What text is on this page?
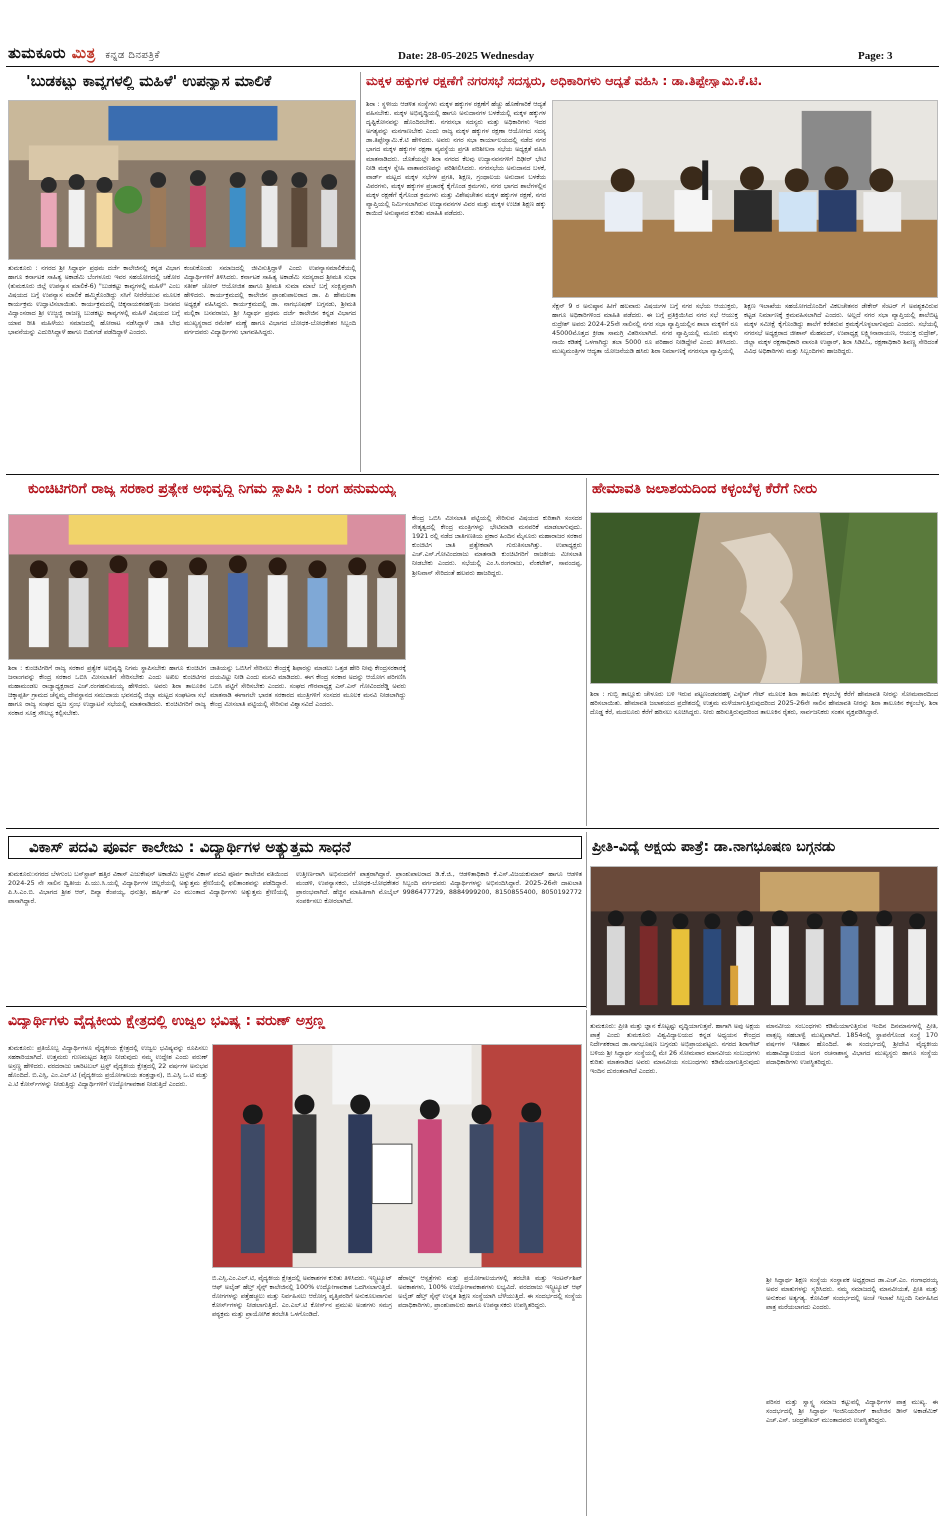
ತುಮಕೂರು ಮಿತ್ರ ಕನ್ನಡ ದಿನಪತ್ರಿಕೆ	Date: 28-05-2025 Wednesday	Page: 3
'ಬುಡಕಟ್ಟು ಕಾವ್ಯಗಳಲ್ಲಿ ಮಹಿಳೆ' ಉಪನ್ಯಾಸ ಮಾಲಿಕೆ
ತುಮಕೂರು : ನಗರದ ಶ್ರೀ ಸಿದ್ಧಾರ್ಥ ಪ್ರಥಮ ದರ್ಜೆ ಕಾಲೇಜಿನಲ್ಲಿ ಕನ್ನಡ ವಿಭಾಗ ಹಾಗೂ ಕರ್ನಾಟಕ ಸಾಹಿತ್ಯ ಅಕಾಡೆಮಿ ಬೆಂಗಳೂರು ಇವರ ಸಹಯೋಗದಲ್ಲಿ ಚಕೋರ (ತುಮಕೂರು ಜಿಲ್ಲೆ ಉಪನ್ಯಾಸ ಮಾಲಿಕೆ-6) "ಬುಡಕಟ್ಟು ಕಾವ್ಯಗಳಲ್ಲಿ ಮಹಿಳೆ" ಎಂಬ ವಿಷಯದ ಬಗ್ಗೆ ಉಪನ್ಯಾಸ ಮಾಲಿಕೆ ಹಮ್ಮಿಕೊಂಡಿದ್ದು ಸಸಿಗೆ ನೀರೆರೆಯುವ ಮೂಲಕ ಕಾರ್ಯಕ್ರಮ ಉದ್ಘಾಟಿಸಲಾಯಿತು. ಕಾರ್ಯಕ್ರಮದಲ್ಲಿ ಚಿಕ್ಕನಾಯಕನಹಳ್ಳಿಯ ಜನಪದ ವಿದ್ವಾಂಸರಾದ ಶ್ರೀ ಉಜ್ಜಜ್ಜಿ ರಾಜಣ್ಣ ಬುಡಕಟ್ಟು ಕಾವ್ಯಗಳಲ್ಲಿ ಮಹಿಳೆ ವಿಷಯದ ಬಗ್ಗೆ ಯಾವ ರೀತಿ ಮಹಿಳೆಯು ಸಮಾಜದಲ್ಲಿ ಹೋರಾಟ ನಡೆಸಿದ್ದಾಳೆ ಜಾತಿ ಬೇಧ ಭಾವನೆಯನ್ನು ಎದುರಿಸಿದ್ದಾಳೆ ಹಾಗೂ ಬಿಡುಗಡೆ ಪಡೆದಿದ್ದಾಳೆ ಎಂದರು.
ಕಂಚುಕೊಂಡು ಸಮಾಜದಲ್ಲಿ ಜೀವಿಸುತ್ತಿದ್ದಾಳೆ ಎಂದು ಉಪನ್ಯಾಸಮಾಲಿಕೆಯಲ್ಲಿ ವಿದ್ಯಾರ್ಥಿಗಳಿಗೆ ತಿಳಿಸಿದರು. ಕರ್ನಾಟಕ ಸಾಹಿತ್ಯ ಅಕಾಡೆಮಿ ಸದಸ್ಯರಾದ ಶ್ರೀಮತಿ ಸುಧಾ ಸತೀಶ್ ಚೋರ್ ಆಯೋಜಿತ ಹಾಗೂ ಶ್ರೀಮತಿ ಸುಮಾ ಮಾಲೆ ಬಗ್ಗೆ ಸಂಕ್ಷಿಪ್ತವಾಗಿ ಹೇಳಿದರು. ಕಾರ್ಯಕ್ರಮದಲ್ಲಿ ಕಾಲೇಜಿನ ಪ್ರಾಂಶುಪಾಲರಾದ ಡಾ. ಪಿ ಹೇಮಲತಾ ಅಧ್ಯಕ್ಷತೆ ವಹಿಸಿದ್ದರು. ಕಾರ್ಯಕ್ರಮದಲ್ಲಿ ಡಾ. ನಾಗಭೂಷಣ್ ಬಗ್ಗನಡು, ಶ್ರೀಮತಿ ಮಲ್ಲಿಕಾ ಬಸವರಾಜು, ಶ್ರೀ ಸಿದ್ಧಾರ್ಥ ಪ್ರಥಮ ದರ್ಜೆ ಕಾಲೇಜಿನ ಕನ್ನಡ ವಿಭಾಗದ ಮುಖ್ಯಸ್ಥರಾದ ರಮೇಶ್ ಮಣ್ಣೆ ಹಾಗೂ ವಿಭಾಗದ ಬೋಧಕ-ಬೋಧಕೇತರ ಸಿಬ್ಬಂದಿ ವರ್ಗದವರು ವಿದ್ಯಾರ್ಥಿಗಳು ಭಾಗವಹಿಸಿದ್ದರು.
ಮಕ್ಕಳ ಹಕ್ಕುಗಳ ರಕ್ಷಣೆಗೆ ನಗರಸಭೆ ಸದಸ್ಯರು, ಅಧಿಕಾರಿಗಳು ಆದ್ಯತೆ ವಹಿಸಿ : ಡಾ.ತಿಪ್ಪೇಸ್ವಾಮಿ.ಕೆ.ಟಿ.
ಶಿರಾ : ಸ್ಥಳೀಯ ಆಡಳಿತ ಸಂಸ್ಥೆಗಳು ಮಕ್ಕಳ ಹಕ್ಕುಗಳ ರಕ್ಷಣೆಗೆ ಹೆಚ್ಚು ಹೊಣೆಗಾರಿಕೆ ಆದ್ಯತೆ ವಹಿಸಬೇಕು. ಮಕ್ಕಳ ಅಭಿವೃದ್ಧಿಯಲ್ಲಿ ಹಾಗೂ ಅನುದಾನಗಳ ಬಳಕೆಯಲ್ಲಿ ಮಕ್ಕಳ ಹಕ್ಕುಗಳ ದೃಷ್ಟಿಕೋನವನ್ನು ಹೊಂದಿರಬೇಕು. ನಗರಸಭಾ ಸದಸ್ಯರು ಮತ್ತು ಅಧಿಕಾರಿಗಳು ಇದರ ಅಗತ್ಯವನ್ನು ಮನಗಾಣಬೇಕು ಎಂದು ರಾಜ್ಯ ಮಕ್ಕಳ ಹಕ್ಕುಗಳ ರಕ್ಷಣಾ ಆಯೋಗದ ಸದಸ್ಯ ಡಾ.ತಿಪ್ಪೇಸ್ವಾಮಿ.ಕೆ.ಟಿ ಹೇಳಿದರು. ಅವರು ನಗರ ಸಭಾ ಕಾರ್ಯಾಲಯದಲ್ಲಿ ನಡೆದ ನಗರ ಭಾಗದ ಮಕ್ಕಳ ಹಕ್ಕುಗಳ ರಕ್ಷಣಾ ವ್ಯವಸ್ಥೆಯ ಪ್ರಗತಿ ಪರಿಶೀಲನಾ ಸಭೆಯ ಅಧ್ಯಕ್ಷತೆ ವಹಿಸಿ ಮಾತನಾಡಿದರು. ಜೊತೆಯಲ್ಲೇ ಶಿರಾ ನಗರದ ಕೆಲವು ಉದ್ಯಾನವನಗಳಿಗೆ ದಿಢೀರ್ ಭೇಟಿ ನೀಡಿ ಮಕ್ಕಳ ಸ್ನೇಹಿ ವಾತಾವರಣವನ್ನು ಪರಿಶೀಲಿಸಿದರು. ನಗರಸಭೆಯ ಅನುದಾನದ ಬಳಕೆ, ವಾರ್ಡ್ ಮಟ್ಟದ ಮಕ್ಕಳ ಸಭೆಗಳ ಪ್ರಗತಿ, ಶಿಕ್ಷಣ, ಗ್ರಂಥಾಲಯ ಅನುದಾನ ಬಳಕೆಯ ವಿವರಗಳು, ಮಕ್ಕಳ ಹಕ್ಕುಗಳ ಪ್ರಚಾರಕ್ಕೆ ಕೈಗೊಂಡ ಕ್ರಮಗಳು, ನಗರ ಭಾಗದ ಶಾಲೆಗಳಲ್ಲಿನ ಮಕ್ಕಳ ರಕ್ಷಣೆಗೆ ಕೈಗೊಂಡ ಕ್ರಮಗಳು ಮತ್ತು ವಿಶೇಷಚೇತನ ಮಕ್ಕಳ ಹಕ್ಕುಗಳ ರಕ್ಷಣೆ, ನಗರ ವ್ಯಾಪ್ತಿಯಲ್ಲಿ ನಿರ್ಮಿಸಲಾಗಿರುವ ಉದ್ಯಾನವನಗಳ ವಿವರ ಮತ್ತು ಮಕ್ಕಳ ಉಚಿತ ಶಿಕ್ಷಣ ಹಕ್ಕು ಕಾಯಿದೆ ಅನುಷ್ಠಾನದ ಕುರಿತು ಮಾಹಿತಿ ಪಡೆದರು.
ಸೆಕ್ಷನ್ 9 ರ ಅನುಷ್ಠಾನ ಹೀಗೆ ಹಲವಾರು ವಿಷಯಗಳ ಬಗ್ಗೆ ನಗರ ಸಭೆಯ ಆಯುಕ್ತರು, ಹಾಗೂ ಅಧಿಕಾರಿಗಳಿಂದ ಮಾಹಿತಿ ಪಡೆದರು. ಈ ಬಗ್ಗೆ ಪ್ರತಿಕ್ರಿಯಿಸಿದ ನಗರ ಸಭೆ ಆಯುಕ್ತ ರುದ್ರೇಶ್ ಅವರು 2024-25ನೇ ಸಾಲಿನಲ್ಲಿ ನಗರ ಸಭಾ ವ್ಯಾಪ್ತಿಯಲ್ಲಿನ ಶಾಲಾ ಮಕ್ಕಳಿಗೆ ರೂ 45000ಮೊತ್ತದ ಕ್ರೀಡಾ ಸಾಮಗ್ರಿ ವಿತರಿಸಲಾಗಿದೆ. ನಗರ ವ್ಯಾಪ್ತಿಯಲ್ಲಿ ಮೂರು ಮಕ್ಕಳು ನಾಯಿ ಕಡಿತಕ್ಕೆ ಒಳಗಾಗಿದ್ದು ತಲಾ 5000 ರೂ ಪರಿಹಾರ ನೀಡಿದ್ದೇವೆ ಎಂದು ತಿಳಿಸಿದರು. ಮುಖ್ಯಮಂತ್ರಿಗಳ ಆದ್ಯತಾ ಯೋಜನೆಯಡಿ ಹಸಿರು ಶಿರಾ ನಿರ್ಮಾಣಕ್ಕೆ ನಗರಸಭಾ ವ್ಯಾಪ್ತಿಯಲ್ಲಿ
ಶಿಕ್ಷಣ ಇಲಾಖೆಯ ಸಹಯೋಗದೊಂದಿಗೆ ವಿಕಲಚೇತನರ ಡೇಕೇರ್ ಸೆಂಟರ್ ಗೆ ಅವಶ್ಯಕವಿರುವ ಕಟ್ಟಡ ನಿರ್ಮಾಣಕ್ಕೆ ಕ್ರಮವಹಿಸಲಾಗಿದೆ ಎಂದರು. ಅಲ್ಲದೆ ನಗರ ಸಭಾ ವ್ಯಾಪ್ತಿಯಲ್ಲಿ ಶಾಲೆಬಿಟ್ಟ ಮಕ್ಕಳ ಸಮೀಕ್ಷೆ ಕೈಗೊಂಡಿದ್ದು ಶಾಲೆಗೆ ಕರೆತರುವ ಕ್ರಮಕೈಗೊಳ್ಳಲಾಗುವುದು ಎಂದರು. ಸಭೆಯಲ್ಲಿ ನಗರಸಭೆ ಅಧ್ಯಕ್ಷರಾದ ಜೀಶಾನ್ ಮೆಹಮದ್, ಉಪಾಧ್ಯಕ್ಷ ಲಕ್ಷ್ಮೀನಾರಾಯಣ, ಆಯುಕ್ತ ರುದ್ರೇಶ್, ಜಿಲ್ಲಾ ಮಕ್ಕಳ ರಕ್ಷಣಾಧಿಕಾರಿ ವಾಸಂತಿ ಉಪ್ಪಾರ್, ಶಿರಾ ಸಿಡಿಪಿಓ, ರಕ್ಷಣಾಧಿಕಾರಿ ಶಿವಣ್ಣ ಸೇರಿದಂತೆ ವಿವಿಧ ಅಧಿಕಾರಿಗಳು ಮತ್ತು ಸಿಬ್ಬಂದಿಗಳು ಹಾಜರಿದ್ದರು.
ಕುಂಚಿಟಿಗರಿಗೆ ರಾಜ್ಯ ಸರಕಾರ ಪ್ರತ್ಯೇಕ ಅಭಿವೃದ್ಧಿ ನಿಗಮ ಸ್ಥಾಪಿಸಿ : ರಂಗ ಹನುಮಯ್ಯ
ಶಿರಾ : ಕುಂಚಿಟಿಗರಿಗೆ ರಾಜ್ಯ ಸರಕಾರ ಪ್ರತ್ಯೇಕ ಅಭಿವೃದ್ಧಿ ನಿಗಮ ಸ್ಥಾಪಿಸಬೇಕು ಹಾಗೂ ಕುಂಚಿಟಿಗ ಜನಾಂಗವನ್ನು ಕೇಂದ್ರ ಸರಕಾರ ಒಬಿಸಿ ಮೀಸಲಾತಿಗೆ ಸೇರಿಸಬೇಕು ಎಂದು ಅಖಿಲ ಕುಂಚಿಟಿಗರ ಮಹಾಮಂಡಲ ರಾಜ್ಯಾಧ್ಯಕ್ಷರಾದ ಎಚ್.ರಂಗಹನುಮಯ್ಯ ಹೇಳಿದರು. ಅವರು ಶಿರಾ ತಾಲೂಕಿನ ಚಿಕ್ಕಾಪ್ಪರ್ತಿ ಗ್ರಾಮದ ಚೆನ್ನಮ್ಮ ದೇವಸ್ಥಾನದ ಸಮುದಾಯ ಭವನದಲ್ಲಿ ಜಿಲ್ಲಾ ಮಟ್ಟದ ಸಂಘಟನಾ ಸಭೆ ಹಾಗೂ ರಾಜ್ಯ ಸಂಘದ ಧ್ವಜ ಸ್ತಂಭ ಉದ್ಘಾಟನೆ ಸಭೆಯಲ್ಲಿ ಮಾತನಾಡಿದರು. ಕುಂಚಿಟಿಗರಿಗೆ ರಾಜ್ಯ ಸರಕಾರ ಸೂಕ್ತ ಸೌಲಭ್ಯ ಕಲ್ಪಿಸಬೇಕು.
ಜಾತಿಯನ್ನು ಒಬಿಸಿಗೆ ಸೇರಿಸಲು ಕೇಂದ್ರಕ್ಕೆ ಶಿಫಾರಸ್ಸು ಮಾಡಲು ಒತ್ತಡ ಹೇರಿ ನೀವು ಕೇಂದ್ರಸರಕಾರಕ್ಕೆ ದಯವಿಟ್ಟು ನೀಡಿ ಎಂದು ಮನವಿ ಮಾಡಿದರು. ಈಗ ಕೇಂದ್ರ ಸರಕಾರ ಅದನ್ನು ಆಯೋಗ ಪರಿಗಣಿಸಿ ಒಬಿಸಿ ಪಟ್ಟಿಗೆ ಸೇರಿಸಬೇಕು ಎಂದರು. ಸಂಘದ ಗೌರವಾಧ್ಯಕ್ಷ ಎಸ್.ಎನ್ ಗೋವಿಂದರೆಡ್ಡಿ ಅವರು ಮಾತನಾಡಿ ಈಗಾಗಲೇ ಭಾರತ ಸರಕಾರದ ಮಂತ್ರಿಗಳಿಗೆ ಸಂಸದರ ಮೂಲಕ ಮನವಿ ನೀಡಲಾಗಿದ್ದು ಕೇಂದ್ರ ಮೀಸಲಾತಿ ಪಟ್ಟಿಯಲ್ಲಿ ಸೇರಿಸುವ ವಿಶ್ವಾಸವಿದೆ ಎಂದರು.
ಕೇಂದ್ರ ಒಬಿಸಿ ಮೀಸಲಾತಿ ಪಟ್ಟಿಯಲ್ಲಿ ಸೇರಿಸುವ ವಿಷಯದ ಕುರಿತಾಗಿ ಸಂಸದರ ನೇತೃತ್ವದಲ್ಲಿ ಕೇಂದ್ರ ಮಂತ್ರಿಗಳನ್ನು ಭೇಟಿಮಾಡಿ ಮನವರಿಕೆ ಮಾಡಲಾಗುವುದು. 1921 ರಲ್ಲಿ ನಡೆದ ಜಾತಿಗಣತಿಯ ಪ್ರಕಾರ ಹಿಂದಿನ ಮೈಸೂರು ಮಹಾರಾಜರ ಸರಕಾರ ಕುಂಚಿಟಿಗ ಜಾತಿ ಪ್ರತ್ಯೇಕವಾಗಿ ಗುರುತಿಸಲಾಗಿತ್ತು. ಉಪಾಧ್ಯಕ್ಷರು ಎಚ್.ಎಸ್.ಗೋವಿಂದರಾಜು ಮಾತನಾಡಿ ಕುಂಚಿಟಿಗರಿಗೆ ರಾಜಕೀಯ ಮೀಸಲಾತಿ ನೀಡಬೇಕು ಎಂದರು. ಸಭೆಯಲ್ಲಿ ಎಂ.ಸಿ.ರಂಗರಾಜು, ವೆಂಕಟೇಶ್, ಸಾವಂದಪ್ಪ, ಶ್ರೀನಿವಾಸ್ ಸೇರಿದಂತೆ ಹಲವರು ಹಾಜರಿದ್ದರು.
ಹೇಮಾವತಿ ಜಲಾಶಯದಿಂದ ಕಳ್ಳಂಬೆಳ್ಳ ಕೆರೆಗೆ ನೀರು
ಶಿರಾ : ಗುಬ್ಬಿ ತಾಲ್ಲೂಕು ಚೇಳೂರು ಬಳಿ ಇರುವ ಪಟ್ಟಣಂಡವರಹಳ್ಳಿ ಎಸ್ಕೇಪ್ ಗೇಟ್ ಮೂಲಕ ಶಿರಾ ತಾಲೂಕು ಕಳ್ಳಂಬೆಳ್ಳ ಕೆರೆಗೆ ಹೇಮಾವತಿ ನೀರನ್ನು ಸೋಮವಾರದಿಂದ ಹರಿಸಲಾಯಿತು. ಹೇಮಾವತಿ ಜಲಾಶಯದ ಪ್ರದೇಶದಲ್ಲಿ ಉತ್ತಮ ಮಳೆಯಾಗುತ್ತಿರುವುದರಿಂದ 2025-26ನೇ ಸಾಲಿನ ಹೇಮಾವತಿ ನೀರನ್ನು ಶಿರಾ ತಾಲೂಕಿನ ಕಳ್ಳಂಬೆಳ್ಳ, ಶಿರಾ ದೊಡ್ಡ ಕೆರೆ, ಮದಲೂರು ಕೆರೆಗೆ ಹರಿಸಲು ಸೂಚಿಸಿದ್ದರು. ನೀರು ಹರಿಸುತ್ತಿರುವುದರಿಂದ ತಾಲೂಕಿನ ರೈತರು, ಸಾರ್ವಜನಿಕರು ಸಂತಸ ವ್ಯಕ್ತಪಡಿಸಿದ್ದಾರೆ.
ವಿಕಾಸ್ ಪದವಿ ಪೂರ್ವ ಕಾಲೇಜು : ವಿದ್ಯಾರ್ಥಿಗಳ ಅತ್ಯುತ್ತಮ ಸಾಧನೆ
ತುಮಕೂರು:ನಗರದ ಬೆಳಗುಂಬ ಬಸ್‌ಸ್ಟಾಪ್ ಹತ್ತಿರ ವಿಕಾಸ್ ಎಜುಕೇಷನ್ ಅಕಾಡೆಮಿ ಟ್ರಸ್ಟ್‌ನ ವಿಕಾಸ್ ಪದವಿ ಪೂರ್ವ ಕಾಲೇಜಿನ ವತಿಯಿಂದ 2024-25 ನೇ ಸಾಲಿನ ದ್ವಿತೀಯ ಪಿ.ಯು.ಸಿ.ಯಲ್ಲಿ ವಿದ್ಯಾರ್ಥಿಗಳ ಚಿಲ್ಲರೆಯಲ್ಲಿ ಅತ್ಯುತ್ತಮ ಶ್ರೇಣಿಯಲ್ಲಿ ಫಲಿತಾಂಶವನ್ನು ಪಡೆದಿದ್ದಾರೆ. ಪಿ.ಸಿ.ಎಂ.ಬಿ. ವಿಭಾಗದ ಶ್ರೀಶ ಆರ್, ದಿವ್ಯಾ ಕೆಂಪಯ್ಯ, ಧನುಶ್ರೀ, ಹರ್ಷಿತ್ ಎಂ ಮುಂತಾದ ವಿದ್ಯಾರ್ಥಿಗಳು ಅತ್ಯುತ್ತಮ ಶ್ರೇಣಿಯಲ್ಲಿ ಪಾಸಾಗಿದ್ದಾರೆ.
ಉತ್ತೀರ್ಣರಾಗಿ ಅಭಿನಂದನೆಗೆ ಪಾತ್ರರಾಗಿದ್ದಾರೆ. ಪ್ರಾಂಶುಪಾಲರಾದ ಡಿ.ಕೆ.ಜಿ., ಆಡಳಿತಾಧಿಕಾರಿ ಕೆ.ಎಸ್.ವಿಜಯಕುಮಾರ್ ಹಾಗೂ ಆಡಳಿತ ಮಂಡಳಿ, ಉಪನ್ಯಾಸಕರು, ಬೋಧಕ-ಬೋಧಕೇತರ ಸಿಬ್ಬಂದಿ ವರ್ಗದವರು ವಿದ್ಯಾರ್ಥಿಗಳನ್ನು ಅಭಿನಂದಿಸಿದ್ದಾರೆ. 2025-26ನೇ ದಾಖಲಾತಿ ಪ್ರಾರಂಭವಾಗಿದೆ. ಹೆಚ್ಚಿನ ಮಾಹಿತಿಗಾಗಿ ಮೊಬೈಲ್ 9986477729, 8884999200, 8150855400, 8050192772 ಸಂಪರ್ಕಿಸಲು ಕೋರಲಾಗಿದೆ.
ಪ್ರೀತಿ-ವಿದ್ಯೆ ಅಕ್ಷಯ ಪಾತ್ರೆ: ಡಾ.ನಾಗಭೂಷಣ ಬಗ್ಗನಡು
ವಿದ್ಯಾರ್ಥಿಗಳು ವೈದ್ಯಕೀಯ ಕ್ಷೇತ್ರದಲ್ಲಿ ಉಜ್ವಲ ಭವಿಷ್ಯ : ವರುಣ್ ಅಸ್ರಣ್ಣ
ತುಮಕೂರು: ಪ್ರತಿಯೊಬ್ಬ ವಿದ್ಯಾರ್ಥಿಗಳೂ ವೈದ್ಯಕೀಯ ಕ್ಷೇತ್ರದಲ್ಲಿ ಉಜ್ವಲ ಭವಿಷ್ಯವನ್ನು ರೂಪಿಸಲು ಸಹಕಾರಿಯಾಗಿದೆ. ಉತ್ತಮರು ಗುಣಮಟ್ಟದ ಶಿಕ್ಷಣ ನೀಡುವುದು ನಮ್ಮ ಉದ್ದೇಶ ಎಂದು ವರುಣ್ ಅಸ್ರಣ್ಣ ಹೇಳಿದರು. ವರದರಾಜು ಚಾರಿಟಬಲ್ ಟ್ರಸ್ಟ್ ವೈದ್ಯಕೀಯ ಕ್ಷೇತ್ರದಲ್ಲಿ 22 ವರ್ಷಗಳ ಅನುಭವ ಹೊಂದಿದೆ. ಬಿ.ಎಸ್ಸಿ, ಎಂ.ಎಲ್.ಟಿ (ವೈದ್ಯಕೀಯ ಪ್ರಯೋಗಾಲಯ ತಂತ್ರಜ್ಞಾನ), ಬಿ.ಎಸ್ಸಿ ಒ.ಟಿ ಮತ್ತು ಎ.ಟಿ ಕೋರ್ಸ್‌ಗಳನ್ನು ನೀಡುತ್ತಿದ್ದು ವಿದ್ಯಾರ್ಥಿಗಳಿಗೆ ಉದ್ಯೋಗಾವಕಾಶ ನೀಡುತ್ತಿದೆ ಎಂದರು.
ಬಿ.ಎಸ್ಸಿ.ಎಂ.ಎಲ್.ಟಿ, ವೈದ್ಯಕೀಯ ಕ್ಷೇತ್ರದಲ್ಲಿ ಅವಕಾಶಗಳ ಕುರಿತು ತಿಳಿಸಿದರು. ಇನ್ಸ್ಟಿಟ್ಯೂಟ್ ಆಫ್ ಅಲೈಡ್ ಹೆಲ್ತ್ ಸೈನ್ಸ್ ಕಾಲೇಜಿನಲ್ಲಿ 100% ಉದ್ಯೋಗಾವಕಾಶ ಒದಗಿಸಲಾಗುತ್ತಿದೆ. ರೋಗಗಳನ್ನು ಪತ್ತೆಹಚ್ಚಲು ಮತ್ತು ನಿರ್ವಹಿಸಲು ಆರೋಗ್ಯ ವೃತ್ತಿಪರರಿಗೆ ಅನುಕೂಲವಾಗುವ ಕೋರ್ಸ್‌ಗಳನ್ನು ನೀಡಲಾಗುತ್ತಿದೆ. ಎಂ.ಎಲ್.ಟಿ ಕೋರ್ಸ್‌ನ ಪ್ರಮುಖ ಅಂಶಗಳು ಸಮಗ್ರ ಪಠ್ಯಕ್ರಮ ಮತ್ತು ಪ್ರಾಯೋಗಿಕ ತರಬೇತಿ ಒಳಗೊಂಡಿದೆ.
ಹೆರಾಲ್ಡ್ ಆಸ್ಪತ್ರೆಗಳು ಮತ್ತು ಪ್ರಯೋಗಾಲಯಗಳಲ್ಲಿ ತರಬೇತಿ ಮತ್ತು ಇಂಟರ್ನ್‌ಶಿಪ್ ಅವಕಾಶಗಳು, 100% ಉದ್ಯೋಗಾವಕಾಶಗಳು ಲಭ್ಯವಿದೆ. ವರದರಾಜು ಇನ್ಸ್ಟಿಟ್ಯೂಟ್ ಆಫ್ ಅಲೈಡ್ ಹೆಲ್ತ್ ಸೈನ್ಸ್ ಉನ್ನತ ಶಿಕ್ಷಣ ಸಂಸ್ಥೆಯಾಗಿ ಬೆಳೆಯುತ್ತಿದೆ. ಈ ಸಂದರ್ಭದಲ್ಲಿ ಸಂಸ್ಥೆಯ ಪದಾಧಿಕಾರಿಗಳು, ಪ್ರಾಂಶುಪಾಲರು ಹಾಗೂ ಉಪನ್ಯಾಸಕರು ಉಪಸ್ಥಿತರಿದ್ದರು.
ತುಮಕೂರು: ಪ್ರೀತಿ ಮತ್ತು ಜ್ಞಾನ ಕೊಟ್ಟಷ್ಟು ವೃದ್ಧಿಯಾಗುತ್ತವೆ. ಹಾಗಾಗಿ ಅವು ಅಕ್ಷಯ ಪಾತ್ರೆ ಎಂದು ತುಮಕೂರು ವಿಶ್ವವಿದ್ಯಾಲಯದ ಕನ್ನಡ ಅಧ್ಯಯನ ಕೇಂದ್ರದ ನಿರ್ದೇಶಕರಾದ ಡಾ.ನಾಗಭೂಷಣ ಬಗ್ಗನಡು ಅಭಿಪ್ರಾಯಪಟ್ಟರು. ನಗರದ ಶಿರಾಗೇಟ್ ಬಳಿಯ ಶ್ರೀ ಸಿದ್ಧಾರ್ಥ ಸಂಸ್ಥೆಯಲ್ಲಿ ಮೇ 26 ಸೋಮವಾರ ಮಾನವೀಯ ಸಂಬಂಧಗಳು ಕುರಿತು ಮಾತನಾಡಿದ ಅವರು ಮಾನವೀಯ ಸಂಬಂಧಗಳು ಕಡಿಮೆಯಾಗುತ್ತಿರುವುದು ಇಂದಿನ ದುರಂತವಾಗಿದೆ ಎಂದರು.
ಮಾನವೀಯ ಸಂಬಂಧಗಳು ಕಡಿಮೆಯಾಗುತ್ತಿರುವ ಇಂದಿನ ದಿನಮಾನಗಳಲ್ಲಿ ಪ್ರೀತಿ, ವಾತ್ಸಲ್ಯ ಸಹಬಾಳ್ವೆ ಮುಖ್ಯವಾಗಿದೆ. 1854ರಲ್ಲಿ ಸ್ಥಾಪನೆಗೊಂಡ ಸಂಸ್ಥೆ 170 ವರ್ಷಗಳ ಇತಿಹಾಸ ಹೊಂದಿದೆ. ಈ ಸಂದರ್ಭದಲ್ಲಿ ಶ್ರೀದೇವಿ ವೈದ್ಯಕೀಯ ಮಹಾವಿದ್ಯಾಲಯದ ಅಂಗ ರಚನಾಶಾಸ್ತ್ರ ವಿಭಾಗದ ಮುಖ್ಯಸ್ಥರು ಹಾಗೂ ಸಂಸ್ಥೆಯ ಪದಾಧಿಕಾರಿಗಳು ಉಪಸ್ಥಿತರಿದ್ದರು.
ಶ್ರೀ ಸಿದ್ಧಾರ್ಥ ಶಿಕ್ಷಣ ಸಂಸ್ಥೆಯ ಸಂಸ್ಥಾಪಕ ಅಧ್ಯಕ್ಷರಾದ ಡಾ.ಎಚ್.ಎಂ. ಗಂಗಾಧರಯ್ಯ ಅವರ ಮಾತುಗಳನ್ನು ಸ್ಮರಿಸಿದರು. ನಮ್ಮ ಸಮಾಜದಲ್ಲಿ ಮಾನವೀಯತೆ, ಪ್ರೀತಿ ಮತ್ತು ಅನುಕಂಪ ಅತ್ಯಗತ್ಯ. ಕೋವಿಡ್ ಸಂದರ್ಭದಲ್ಲಿ ಅಂಚೆ ಇಲಾಖೆ ಸಿಬ್ಬಂದಿ ನಿರ್ವಹಿಸಿದ ಪಾತ್ರ ಮರೆಯಲಾಗದು ಎಂದರು.
ಪರಿಸರ ಮತ್ತು ಸ್ವಾಸ್ಥ್ಯ ಸಮಾಜ ಕಟ್ಟುವಲ್ಲಿ ವಿದ್ಯಾರ್ಥಿಗಳ ಪಾತ್ರ ಮುಖ್ಯ. ಈ ಸಂದರ್ಭದಲ್ಲಿ ಶ್ರೀ ಸಿದ್ಧಾರ್ಥ ಇಂಜಿನಿಯರಿಂಗ್ ಕಾಲೇಜಿನ ಡೀನ್ ಅಕಾಡೆಮಿಕ್ ಎಚ್.ಎಸ್. ಚಂದ್ರಶೇಖರ್ ಮುಂತಾದವರು ಉಪಸ್ಥಿತರಿದ್ದರು.
